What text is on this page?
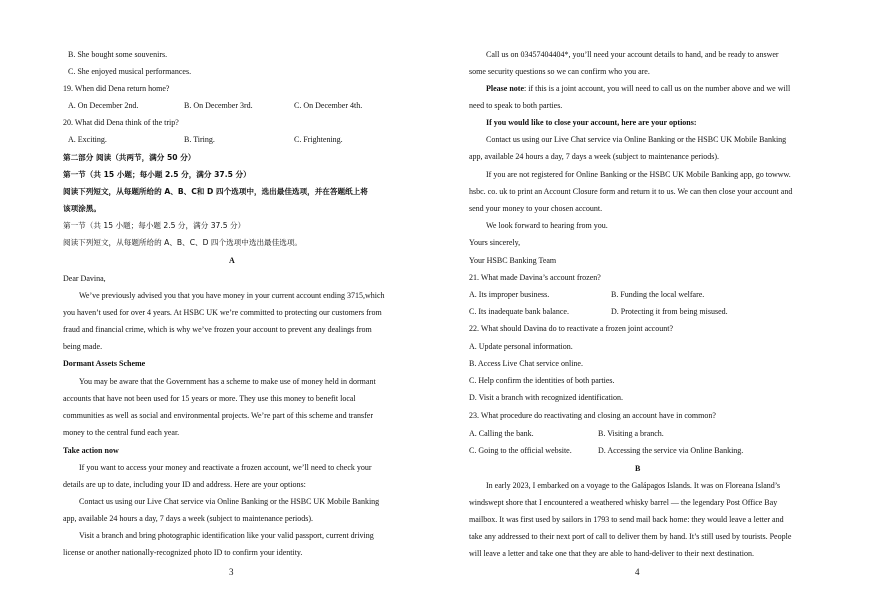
B. She bought some souvenirs.
C. She enjoyed musical performances.
19. When did Dena return home?
A. On December 2nd.	B. On December 3rd.	C. On December 4th.
20. What did Dena think of the trip?
A. Exciting.	B. Tiring.	C. Frightening.
第二部分 阅读（共两节，满分 50 分）
第一节（共 15 小题；每小题 2.5 分，满分 37.5 分）
阅读下列短文，从每题所给的 A、B、C和 D 四个选项中，选出最佳选项，并在答题纸上将
该项涂黑。
第一节（共 15 小题；每小题 2.5 分，满分 37.5 分）
阅读下列短文，从每题所给的 A、B、C、D 四个选项中选出最佳选项。
A
Dear Davina,
We’ve previously advised you that you have money in your current account ending 3715,which
you haven’t used for over 4 years. At HSBC UK we’re committed to protecting our customers from
fraud and financial crime, which is why we’ve frozen your account to prevent any dealings from
being made.
Dormant Assets Scheme
You may be aware that the Government has a scheme to make use of money held in dormant
accounts that have not been used for 15 years or more. They use this money to benefit local
communities as well as social and environmental projects. We’re part of this scheme and transfer
money to the central fund each year.
Take action now
If you want to access your money and reactivate a frozen account, we’ll need to check your
details are up to date, including your ID and address. Here are your options:
Contact us using our Live Chat service via Online Banking or the HSBC UK Mobile Banking
app, available 24 hours a day, 7 days a week (subject to maintenance periods).
Visit a branch and bring photographic identification like your valid passport, current driving
license or another nationally-recognized photo ID to confirm your identity.
3
Call us on 03457404404*, you’ll need your account details to hand, and be ready to answer
some security questions so we can confirm who you are.
Please note: if this is a joint account, you will need to call us on the number above and we will
need to speak to both parties.
If you would like to close your account, here are your options:
Contact us using our Live Chat service via Online Banking or the HSBC UK Mobile Banking
app, available 24 hours a day, 7 days a week (subject to maintenance periods).
If you are not registered for Online Banking or the HSBC UK Mobile Banking app, go towww.
hsbc. co. uk to print an Account Closure form and return it to us. We can then close your account and
send your money to your chosen account.
We look forward to hearing from you.
Yours sincerely,
Your HSBC Banking Team
21. What made Davina’s account frozen?
A. Its improper business.	B. Funding the local welfare.
C. Its inadequate bank balance.	D. Protecting it from being misused.
22. What should Davina do to reactivate a frozen joint account?
A. Update personal information.
B. Access Live Chat service online.
C. Help confirm the identities of both parties.
D. Visit a branch with recognized identification.
23. What procedure do reactivating and closing an account have in common?
A. Calling the bank.	B. Visiting a branch.
C. Going to the official website.	D. Accessing the service via Online Banking.
B
In early 2023, I embarked on a voyage to the Galápagos Islands. It was on Floreana Island’s
windswept shore that I encountered a weathered whisky barrel — the legendary Post Office Bay
mailbox. It was first used by sailors in 1793 to send mail back home: they would leave a letter and
take any addressed to their next port of call to deliver them by hand. It’s still used by tourists. People
will leave a letter and take one that they are able to hand-deliver to their next destination.
4
